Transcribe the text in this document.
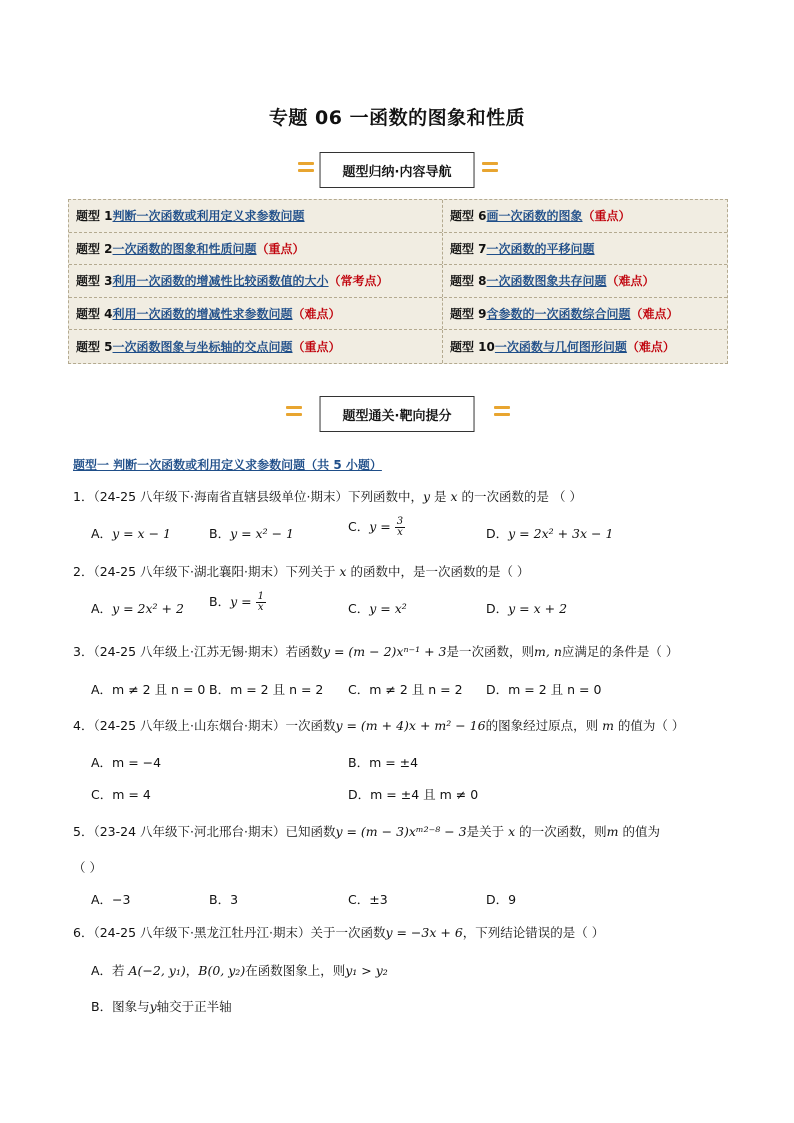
专题 06 一函数的图象和性质
题型归纳·内容导航
题型 1 判断一次函数或利用定义求参数问题	题型 6 画一次函数的图象 （重点）
题型 2 一次函数的图象和性质问题 （重点）	题型 7 一次函数的平移问题
题型 3 利用一次函数的增减性比较函数值的大小 （常考点）	题型 8 一次函数图象共存问题 （难点）
题型 4 利用一次函数的增减性求参数问题 （难点）	题型 9 含参数的一次函数综合问题 （难点）
题型 5 一次函数图象与坐标轴的交点问题 （重点）	题型 10 一次函数与几何图形问题 （难点）
题型通关·靶向提分
题型一 判断一次函数或利用定义求参数问题（共 5 小题）
1．（24-25 八年级下·海南省直辖县级单位·期末）下列函数中，y 是 x 的一次函数的是 （ ）
A．y = x − 1	B．y = x² − 1	C．$y = \frac{3}{x}$	D．y = 2x² + 3x − 1
2．（24-25 八年级下·湖北襄阳·期末）下列关于 x 的函数中，是一次函数的是（ ）
A．y = 2x² + 2 B．$y = \frac{1}{x}$	C．y = x²	D．y = x + 2
3．（24-25 八年级上·江苏无锡·期末）若函数y = (m − 2)xⁿ⁻¹ + 3是一次函数，则m, n应满足的条件是（ ）
A．m ≠ 2 且 n = 0 B．m = 2 且 n = 2 C．m ≠ 2 且 n = 2 D．m = 2 且 n = 0
4．（24-25 八年级上·山东烟台·期末）一次函数y = (m + 4)x + m² − 16的图象经过原点，则 m 的值为（ ）
A．m = −4	B．m = ±4
C．m = 4	D．m = ±4 且 m ≠ 0
5．（23-24 八年级下·河北邢台·期末）已知函数y = (m − 3)xᵐ²⁻⁸ − 3是关于 x 的一次函数，则m 的值为
（ ）
A．−3	B．3	C．±3	D．9
6．（24-25 八年级下·黑龙江牡丹江·期末）关于一次函数y = −3x + 6，下列结论错误的是（ ）
A．若 A(−2, y₁)，B(0, y₂)在函数图象上，则y₁ > y₂
B．图象与y轴交于正半轴
